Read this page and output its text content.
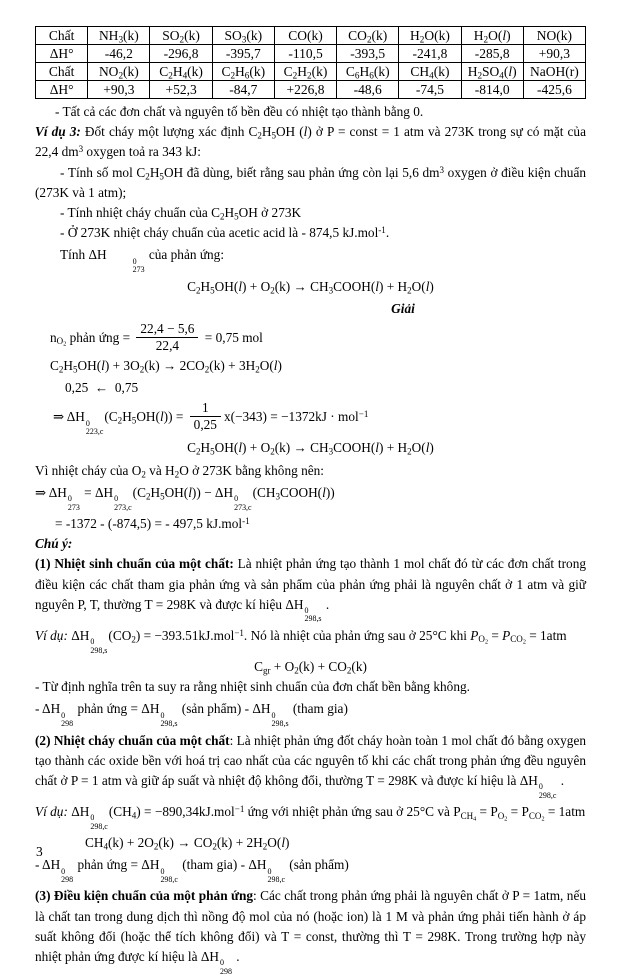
Chất	NH3(k)	SO2(k)	SO3(k)	CO(k)	CO2(k)	H2O(k)	H2O(l)	NO(k)
ΔH°	-46,2	-296,8	-395,7	-110,5	-393,5	-241,8	-285,8	+90,3
Chất	NO2(k)	C2H4(k)	C2H6(k)	C2H2(k)	C6H6(k)	CH4(k)	H2SO4(l)	NaOH(r)
ΔH°	+90,3	+52,3	-84,7	+226,8	-48,6	-74,5	-814,0	-425,6
- Tất cả các đơn chất và nguyên tố bền đều có nhiệt tạo thành bằng 0.
Ví dụ 3: Đốt cháy một lượng xác định C2H5OH (l) ở P = const = 1 atm và 273K trong sự có mặt của 22,4 $dm^3$ oxygen toả ra 343 kJ:
- Tính số mol C2H5OH đã dùng, biết rằng sau phản ứng còn lại 5,6 $dm^3$ oxygen ở điều kiện chuẩn (273K và 1 atm);
- Tính nhiệt cháy chuẩn của C2H5OH ở 273K
- Ở 273K nhiệt cháy chuẩn của acetic acid là - 874,5 kJ.mol$^{-1}$.
Tính ΔH	0
273
của phản ứng:
C2H5OH(l) + O2(k) → CH3COOH(l) + H2O(l)
Giải
nO2 phản ứng = $\frac{22,4 - 5,6}{22,4} = 0,75$ mol
C2H5OH(l) + 3O2(k) → 2CO2(k) + 3H2O(l)
0,25  ←  0,75
⇒ ΔH 0
223,c
$(C2H5OH(l)) = \frac{1}{0,25} x(-343) = -1372kJ \cdot mol^{-1}$
C2H5OH(l) + O2(k) → CH3COOH(l) + H2O(l)
Vì nhiệt cháy của O2 và H2O ở 273K bằng không nên:
⇒ ΔH 0
273
= ΔH 0
273,c
(C2H5OH(l)) − ΔH 0
273,c
(CH3COOH(l))
= -1372 - (-874,5) = - 497,5 kJ.mol$^{-1}$
Chú ý:
(1) Nhiệt sinh chuẩn của một chất: Là nhiệt phản ứng tạo thành 1 mol chất đó từ các đơn chất trong điều kiện các chất tham gia phản ứng và sản phẩm của phản ứng phải là nguyên chất ở 1 atm và giữ nguyên P, T, thường T = 298K và được kí hiệu ΔH 0
298,s
.
Ví dụ: ΔH 0
298,s
(CO2) = −393.51kJ.mol$^{-1}$. Nó là nhiệt của phản ứng sau ở 25°C khi PO2 = PCO2 = 1atm
Cgr + O2(k) + CO2(k)
- Từ định nghĩa trên ta suy ra rằng nhiệt sinh chuẩn của đơn chất bền bằng không.
- ΔH 0
298
phản ứng = ΔH 0
298,s
(sản phẩm) - ΔH 0
298,s
(tham gia)
(2) Nhiệt cháy chuẩn của một chất: Là nhiệt phản ứng đốt cháy hoàn toàn 1 mol chất đó bằng oxygen tạo thành các oxide bền với hoá trị cao nhất của các nguyên tố khi các chất trong phản ứng đều nguyên chất ở P = 1 atm và giữ áp suất và nhiệt độ không đổi, thường T = 298K và được kí hiệu là ΔH 0
298,c
.
Ví dụ: ΔH 0
298,c
(CH4) = −890,34kJ.mol$^{-1}$ ứng với nhiệt phản ứng sau ở 25°C và PCH4 = PO2 = PCO2 = 1atm
CH4(k) + 2O2(k) → CO2(k) + 2H2O(l)
- ΔH 0
298
phản ứng = ΔH 0
298,c
(tham gia) - ΔH 0
298,c
(sản phẩm)
(3) Điều kiện chuẩn của một phản ứng: Các chất trong phản ứng phải là nguyên chất ở P = 1atm, nếu là chất tan trong dung dịch thì nồng độ mol của nó (hoặc ion) là 1 M và phản ứng phải tiến hành ở áp suất không đổi (hoặc thể tích không đổi) và T = const, thường thì T = 298K. Trong trường hợp này nhiệt phản ứng được kí hiệu là ΔH 0
298
.
3
